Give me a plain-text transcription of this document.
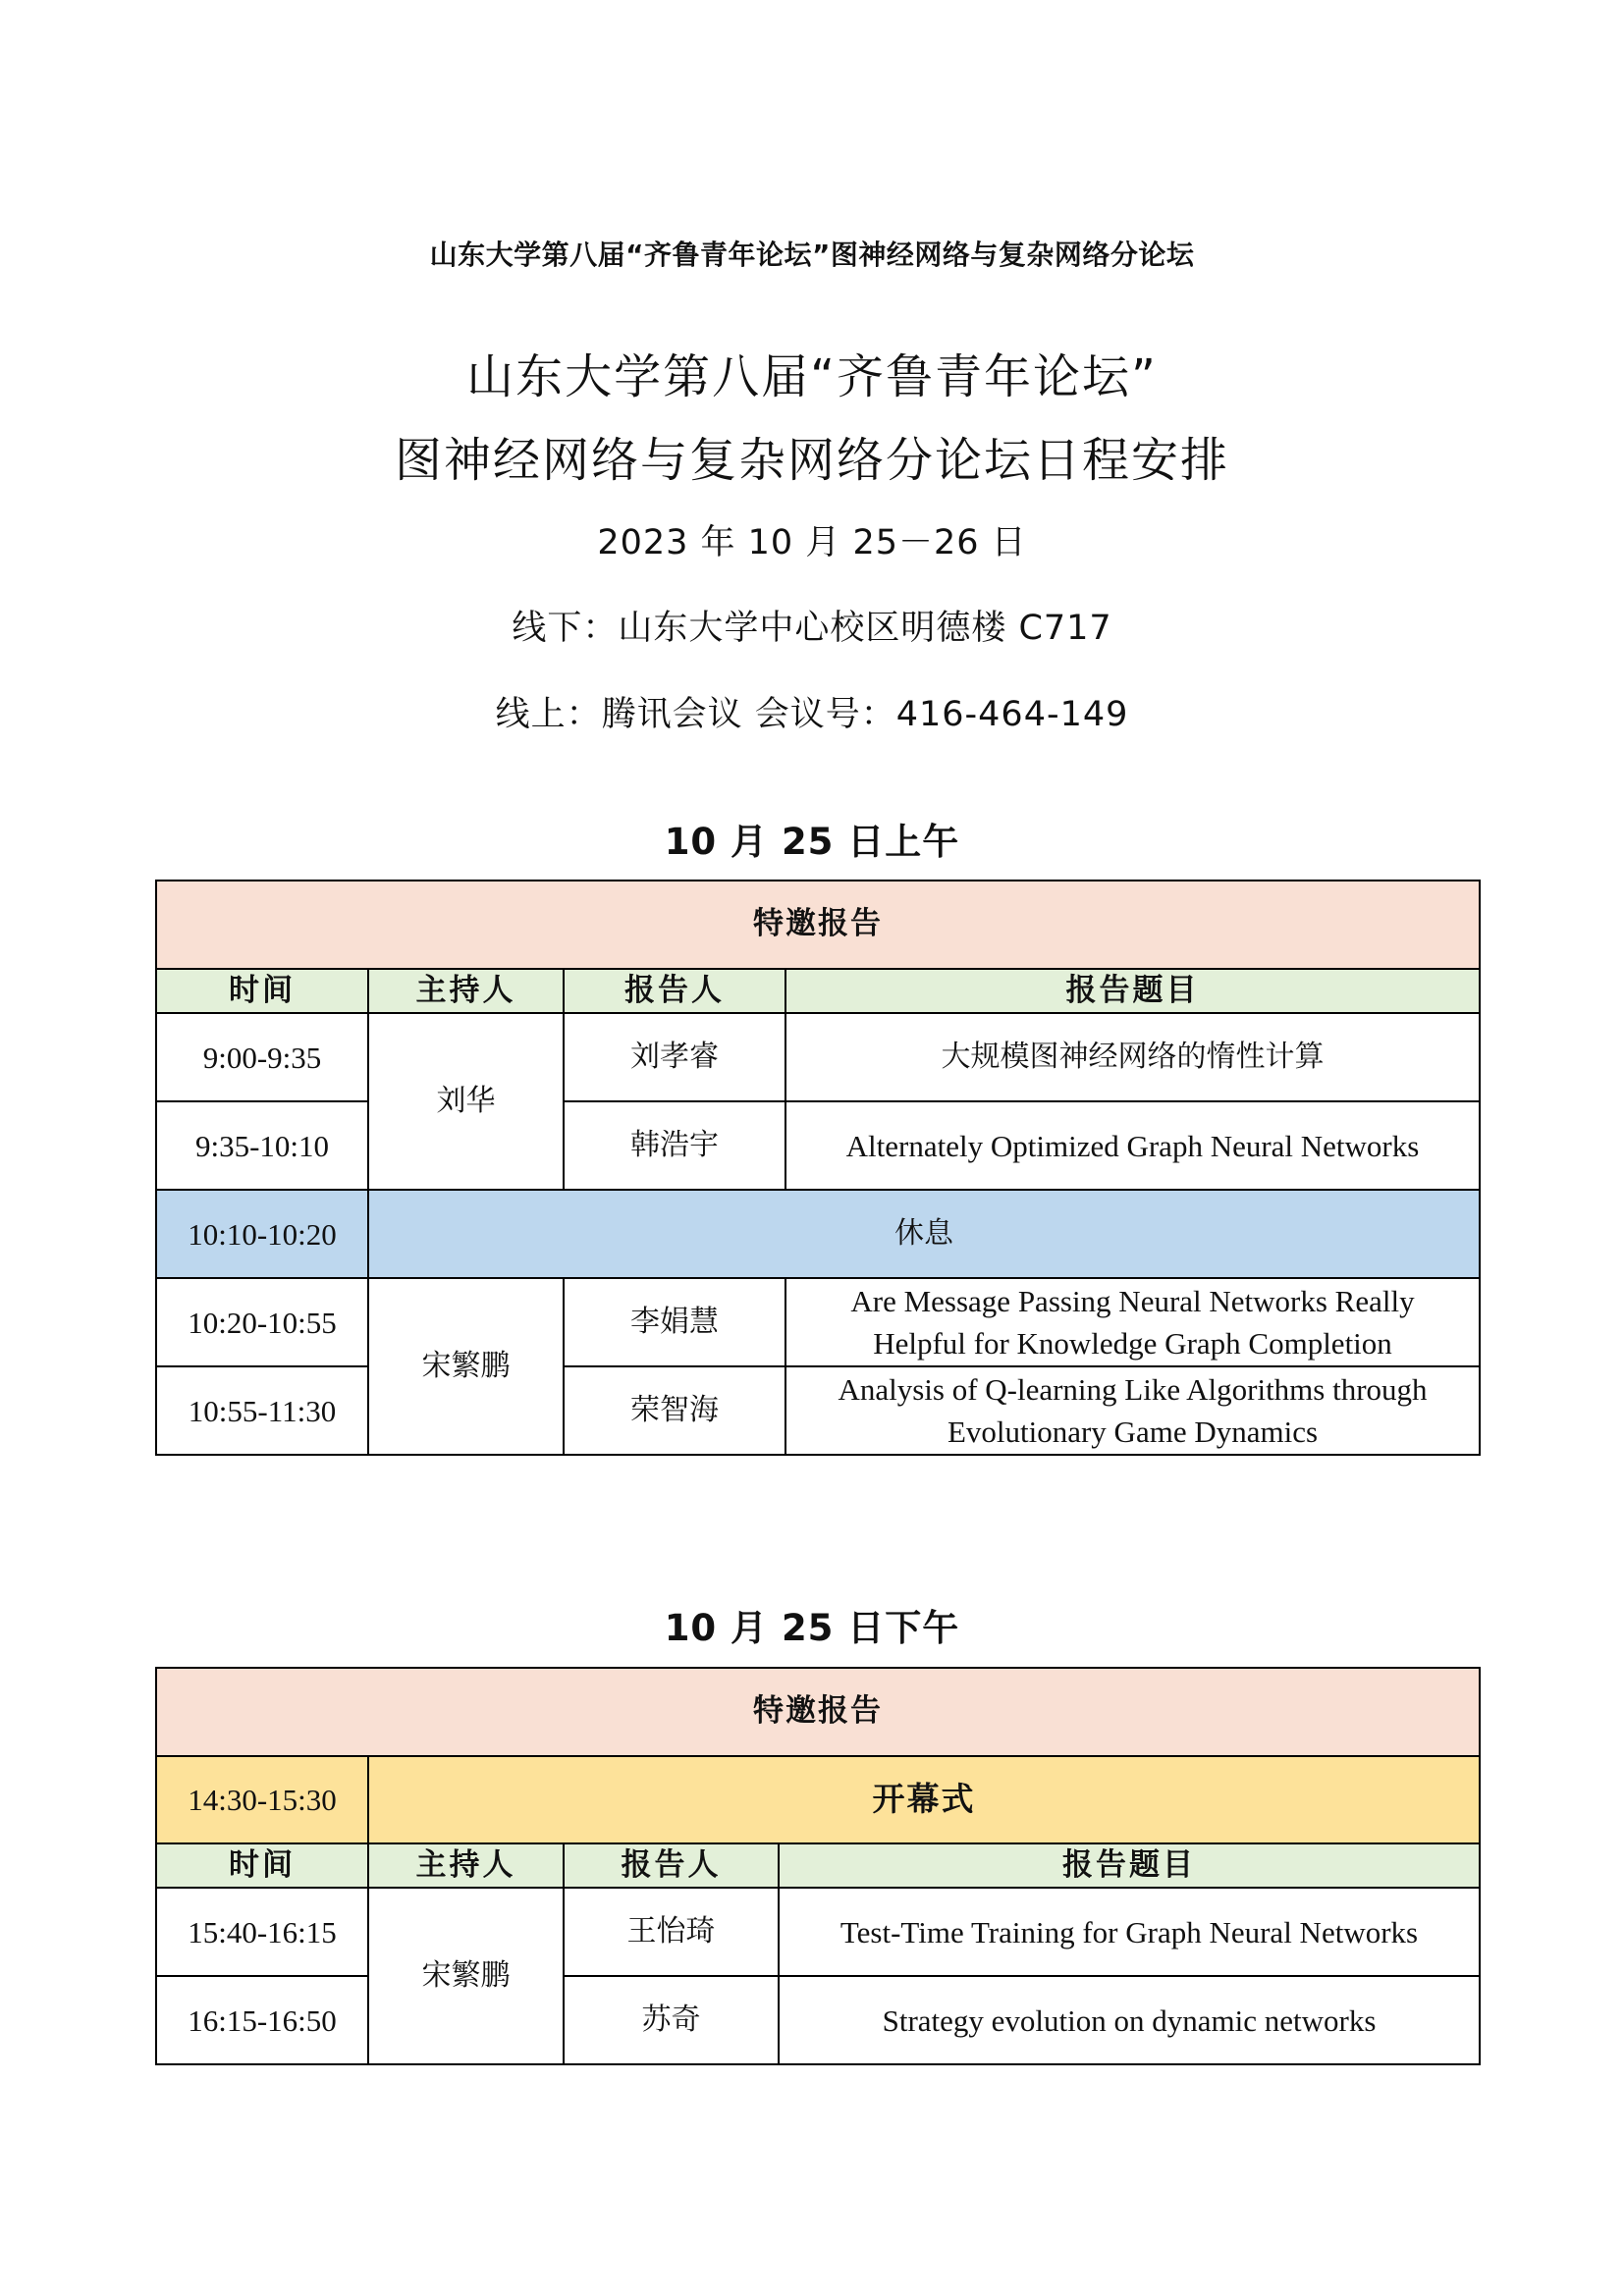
山东大学第八届“齐鲁青年论坛”图神经网络与复杂网络分论坛
山东大学第八届“齐鲁青年论坛”
图神经网络与复杂网络分论坛日程安排
2023 年 10 月 25－26 日
线下：山东大学中心校区明德楼 C717
线上：腾讯会议 会议号：416-464-149
10 月 25 日上午
特邀报告			
时间	主持人	报告人	报告题目
9:00-9:35	刘华	刘孝睿	大规模图神经网络的惰性计算
9:35-10:10		韩浩宇	Alternately Optimized Graph Neural Networks
10:10-10:20	休息		
10:20-10:55	宋繁鹏	李娟慧	Are Message Passing Neural Networks Really
Helpful for Knowledge Graph Completion

10:55-11:30		荣智海	Analysis of Q-learning Like Algorithms through
Evolutionary Game Dynamics
10 月 25 日下午
特邀报告			
14:30-15:30	开幕式		
时间	主持人	报告人	报告题目
15:40-16:15	宋繁鹏	王怡琦	Test-Time Training for Graph Neural Networks
16:15-16:50		苏奇	Strategy evolution on dynamic networks
